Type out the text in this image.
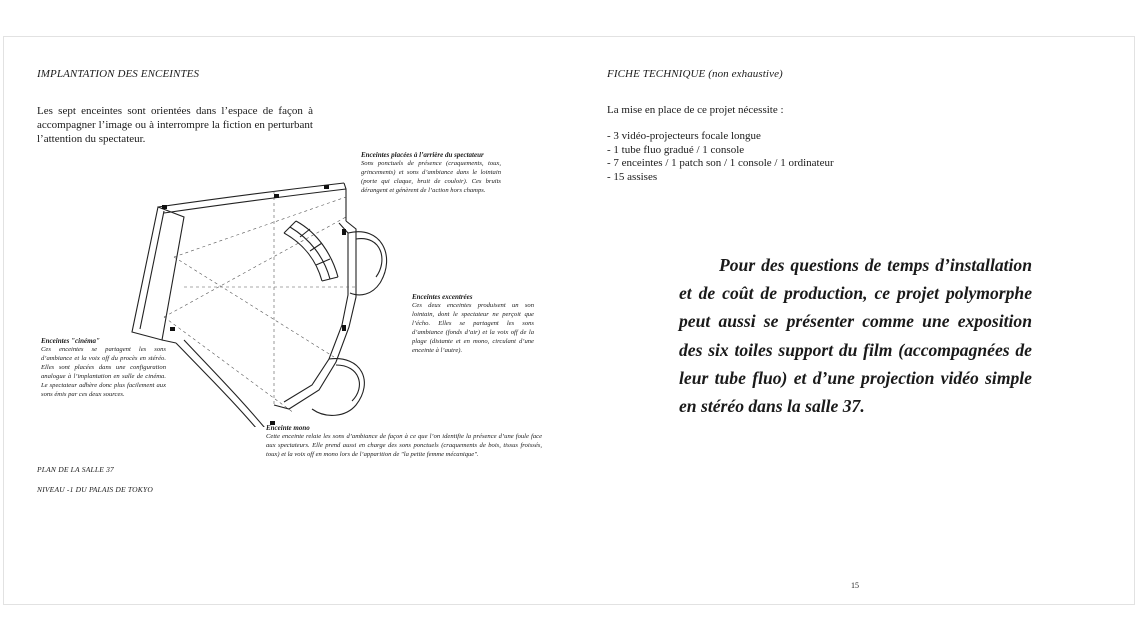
IMPLANTATION DES ENCEINTES
Les sept enceintes sont orientées dans l’espace de façon à accompagner l’image ou à interrompre la fiction en perturbant l’attention du spectateur.
Enceintes placées à l’arrière du spectateur
Sons ponctuels de présence (craquements, toux, grincements) et sons d’ambiance dans le lointain (porte qui claque, bruit de couloir). Ces bruits dérangent et génèrent de l’action hors champs.
Enceintes excentrées
Ces deux enceintes produisent un son lointain, dont le spectateur ne perçoit que l’écho. Elles se partagent les sons d’ambiance (fonds d’air) et la voix off de la plage (distante et en mono, circulant d’une enceinte à l’autre).
Enceintes "cinéma"
Ces enceintes se partagent les sons d’ambiance et la voix off du procès en stéréo. Elles sont placées dans une configuration analogue à l’implantation en salle de cinéma. Le spectateur adhère donc plus facilement aux sons émis par ces deux sources.
Enceinte mono
Cette enceinte relaie les sons d’ambiance de façon à ce que l’on identifie la présence d’une foule face aux spectateurs. Elle prend aussi en charge des sons ponctuels (craquements de bois, tissus froissés, toux) et la voix off en mono lors de l’apparition de "la petite femme mécanique".
PLAN DE LA SALLE 37
NIVEAU -1 DU PALAIS DE TOKYO
FICHE TECHNIQUE (non exhaustive)
La mise en place de ce projet nécessite :
- 3 vidéo-projecteurs focale longue
- 1 tube fluo gradué / 1 console
- 7 enceintes / 1 patch son / 1 console / 1 ordinateur
- 15 assises
Pour des questions de temps d’installation et de coût de production, ce projet polymorphe peut aussi se présenter comme une exposition des six toiles support du film (accompagnées de leur tube fluo) et d’une projection vidéo simple en stéréo dans la salle 37.
15
